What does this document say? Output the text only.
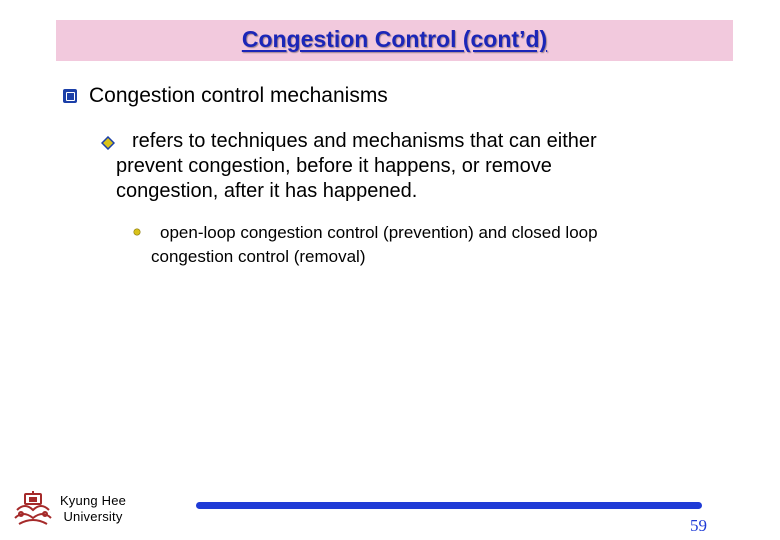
Congestion Control (cont’d)
Congestion control mechanisms
refers to techniques and mechanisms that can either
prevent congestion, before it happens, or remove
congestion, after it has happened.
open-loop congestion control (prevention) and closed loop
congestion control (removal)
Kyung Hee
University	59
